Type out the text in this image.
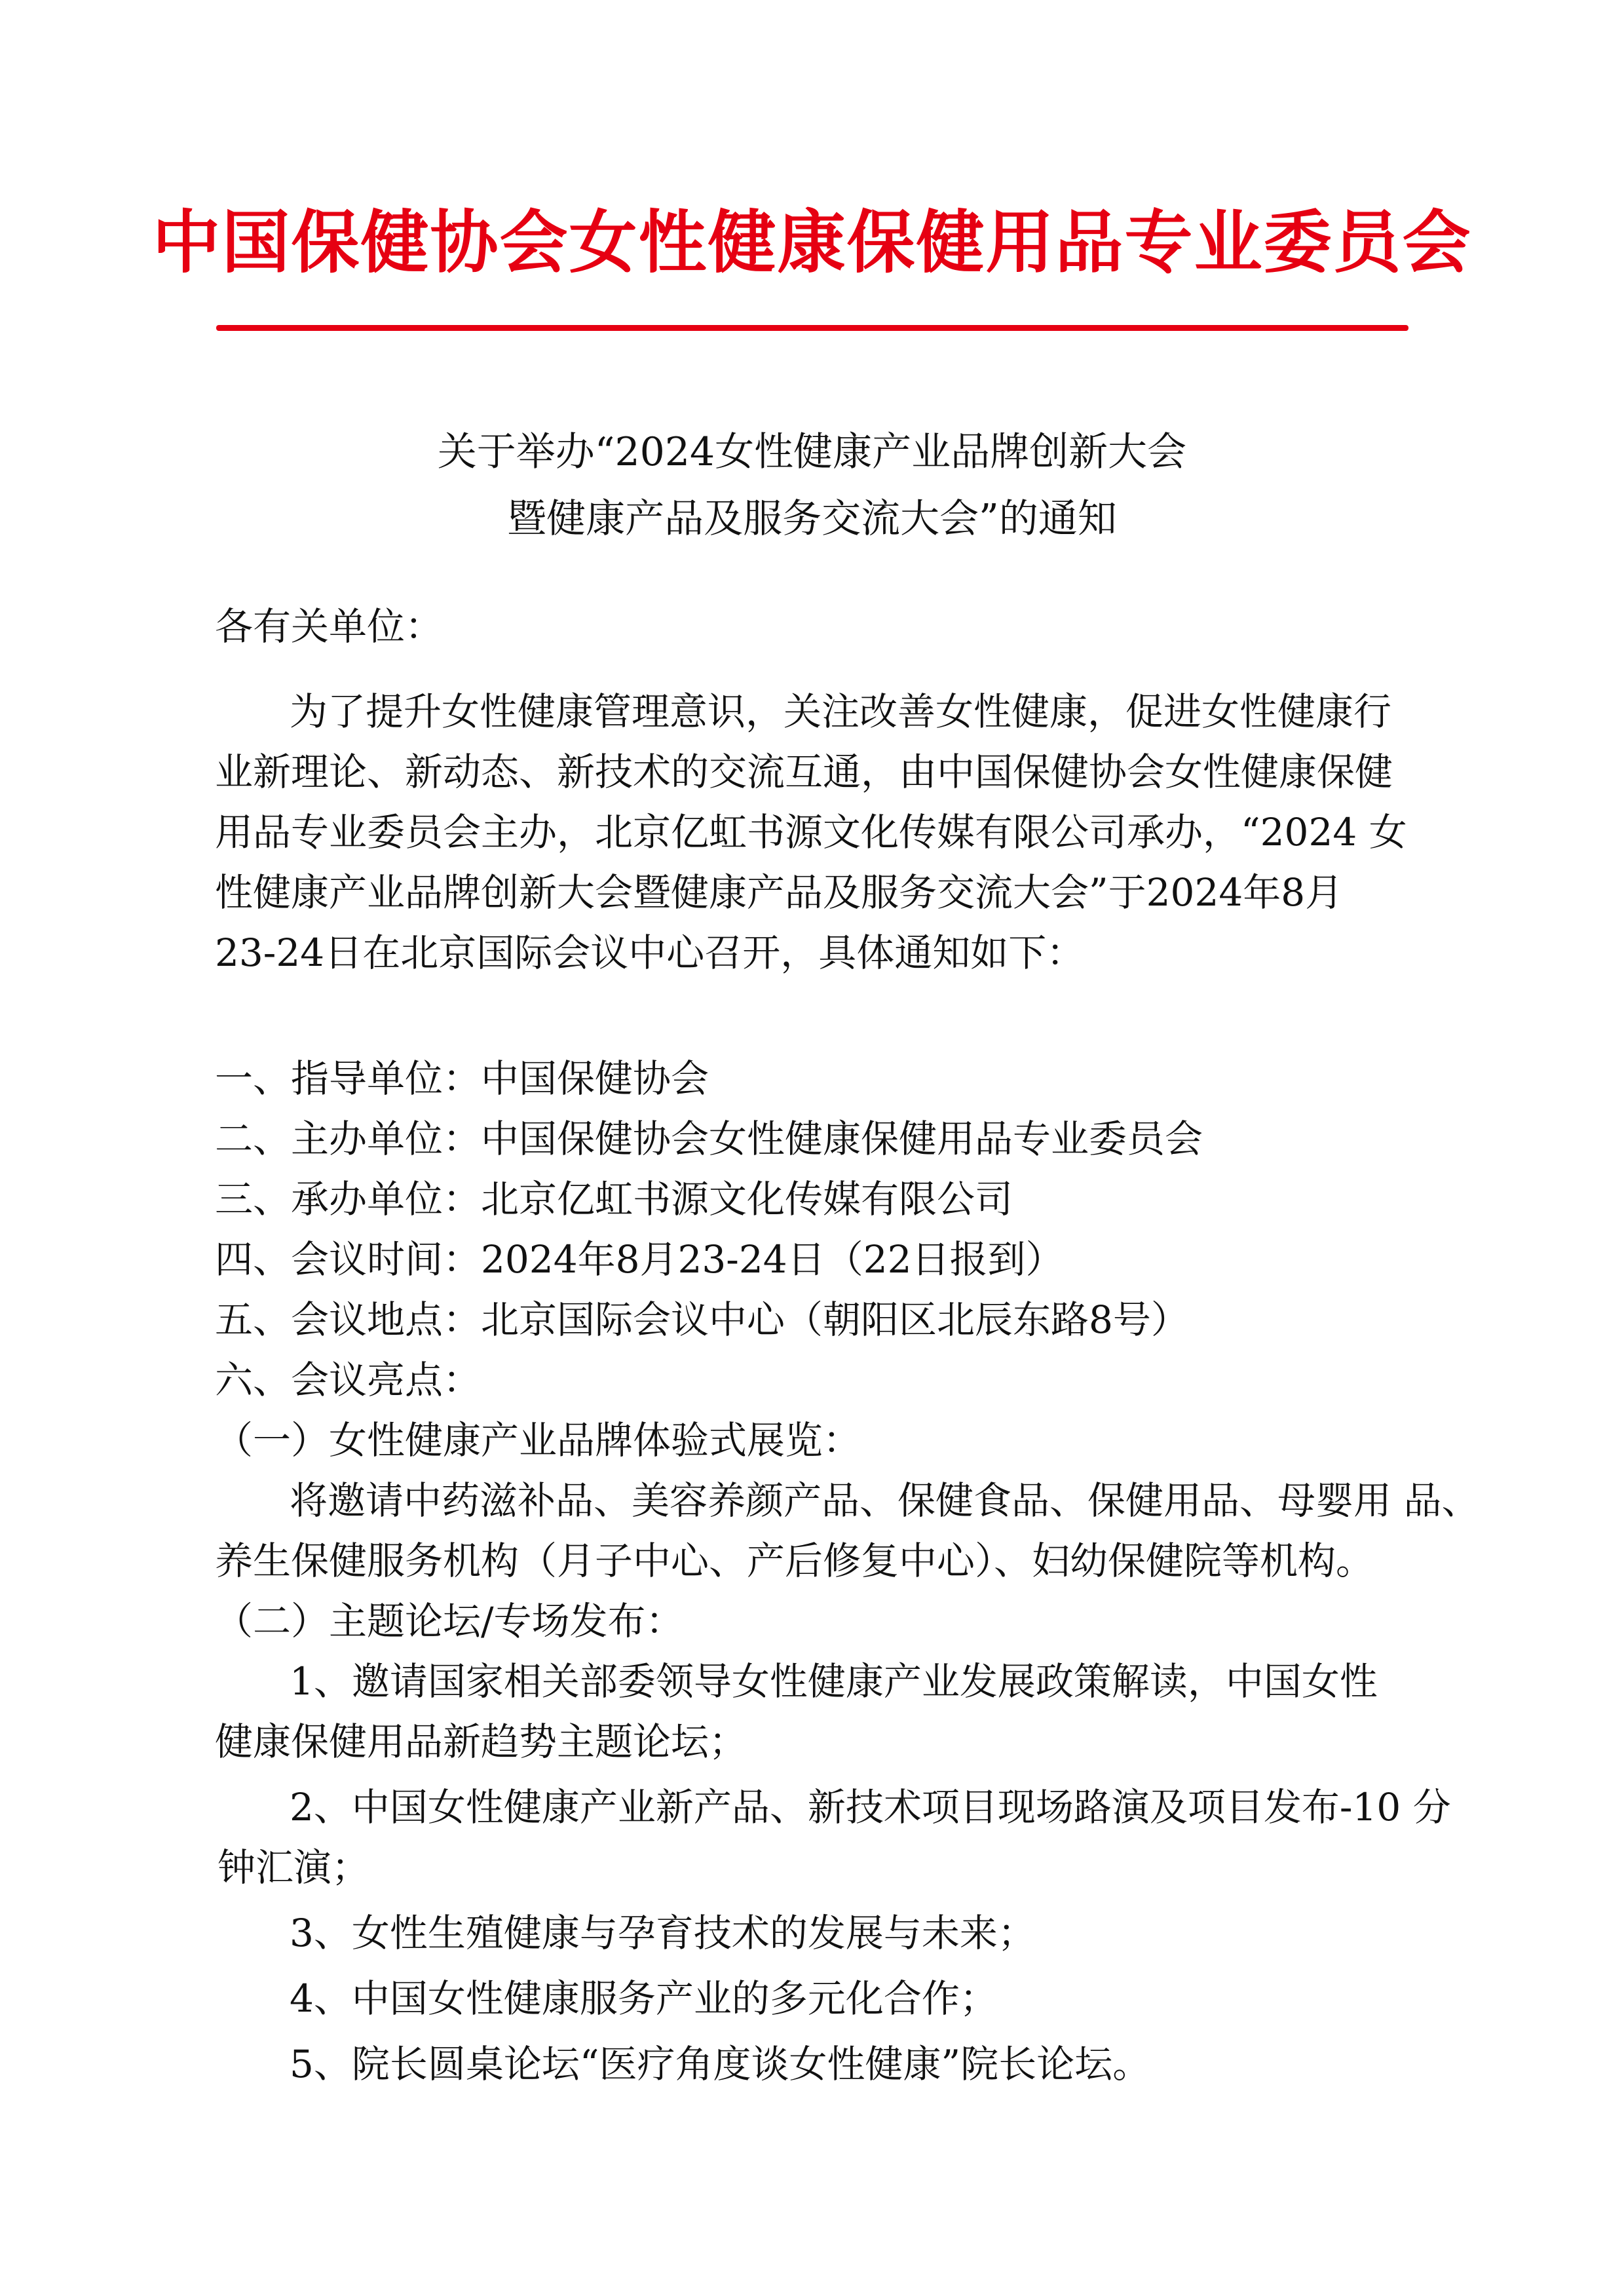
中国保健协会女性健康保健用品专业委员会
关于举办“2024女性健康产业品牌创新大会
暨健康产品及服务交流大会”的通知
各有关单位：
为了提升女性健康管理意识，关注改善女性健康，促进女性健康行
业新理论、新动态、新技术的交流互通，由中国保健协会女性健康保健
用品专业委员会主办，北京亿虹书源文化传媒有限公司承办，“2024 女
性健康产业品牌创新大会暨健康产品及服务交流大会”于2024年8月
23-24日在北京国际会议中心召开，具体通知如下：
一、指导单位：中国保健协会
二、主办单位：中国保健协会女性健康保健用品专业委员会
三、承办单位：北京亿虹书源文化传媒有限公司
四、会议时间：2024年8月23-24日（22日报到）
五、会议地点：北京国际会议中心（朝阳区北辰东路8号）
六、会议亮点：
（一）女性健康产业品牌体验式展览：
将邀请中药滋补品、美容养颜产品、保健食品、保健用品、母婴用 品、
养生保健服务机构（月子中心、产后修复中心）、妇幼保健院等机构。
（二）主题论坛/专场发布：
1、邀请国家相关部委领导女性健康产业发展政策解读，中国女性
健康保健用品新趋势主题论坛；
2、中国女性健康产业新产品、新技术项目现场路演及项目发布-10 分
钟汇演；
3、女性生殖健康与孕育技术的发展与未来；
4、中国女性健康服务产业的多元化合作；
5、院长圆桌论坛“医疗角度谈女性健康”院长论坛。
